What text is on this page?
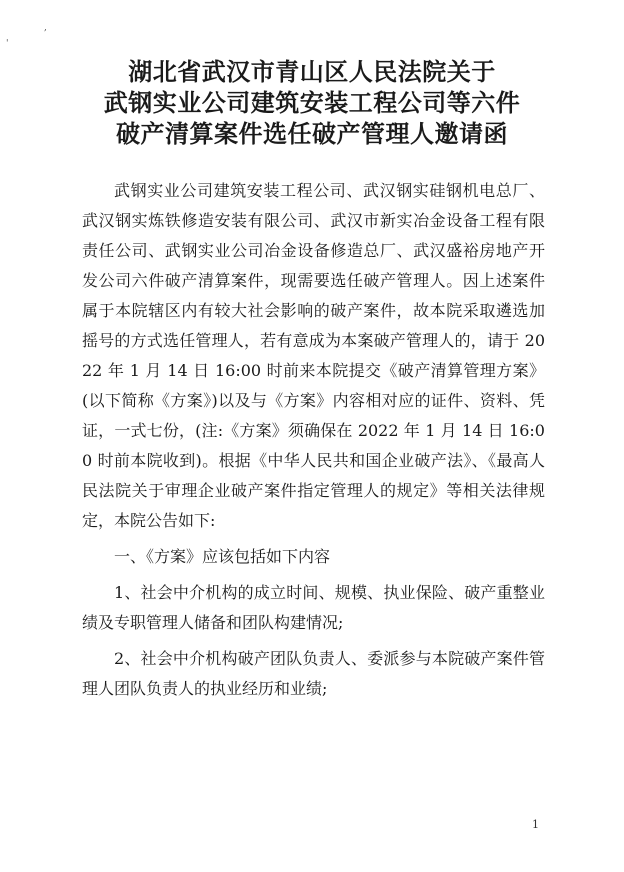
'
,
湖北省武汉市青山区人民法院关于
武钢实业公司建筑安装工程公司等六件
破产清算案件选任破产管理人邀请函

武钢实业公司建筑安装工程公司、武汉钢实硅钢机电总厂、武汉钢实炼铁修造安装有限公司、武汉市新实冶金设备工程有限责任公司、武钢实业公司冶金设备修造总厂、武汉盛裕房地产开发公司六件破产清算案件，现需要选任破产管理人。因上述案件属于本院辖区内有较大社会影响的破产案件，故本院采取遴选加摇号的方式选任管理人，若有意成为本案破产管理人的，请于 2022 年 1 月 14 日 16:00 时前来本院提交《破产清算管理方案》(以下简称《方案》)以及与《方案》内容相对应的证件、资料、凭证，一式七份，(注:《方案》须确保在 2022 年 1 月 14 日 16:00 时前本院收到)。根据《中华人民共和国企业破产法》、《最高人民法院关于审理企业破产案件指定管理人的规定》等相关法律规定，本院公告如下:

一、《方案》应该包括如下内容

1、社会中介机构的成立时间、规模、执业保险、破产重整业绩及专职管理人储备和团队构建情况;

2、社会中介机构破产团队负责人、委派参与本院破产案件管理人团队负责人的执业经历和业绩;

1
